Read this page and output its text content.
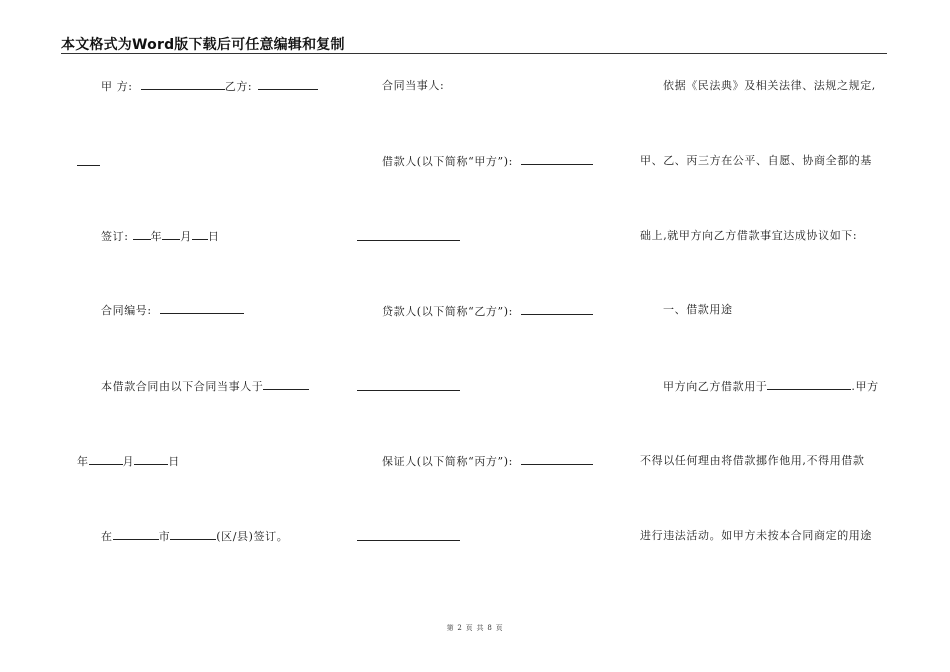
本文格式为Word版下载后可任意编辑和复制
甲 方:	乙方:
签订: 年 月 日
合同编号:
本借款合同由以下合同当事人于
年	月	日
在	市	(区/县)签订。
合同当事人:
借款人(以下简称“甲方”):
贷款人(以下简称“乙方”):
保证人(以下简称“丙方”):
依据《民法典》及相关法律、法规之规定,
甲、乙、丙三方在公平、自愿、协商全都的基
础上,就甲方向乙方借款事宜达成协议如下:
一、借款用途
甲方向乙方借款用于	.甲方
不得以任何理由将借款挪作他用,不得用借款
进行违法活动。如甲方未按本合同商定的用途
第 2 页 共 8 页
